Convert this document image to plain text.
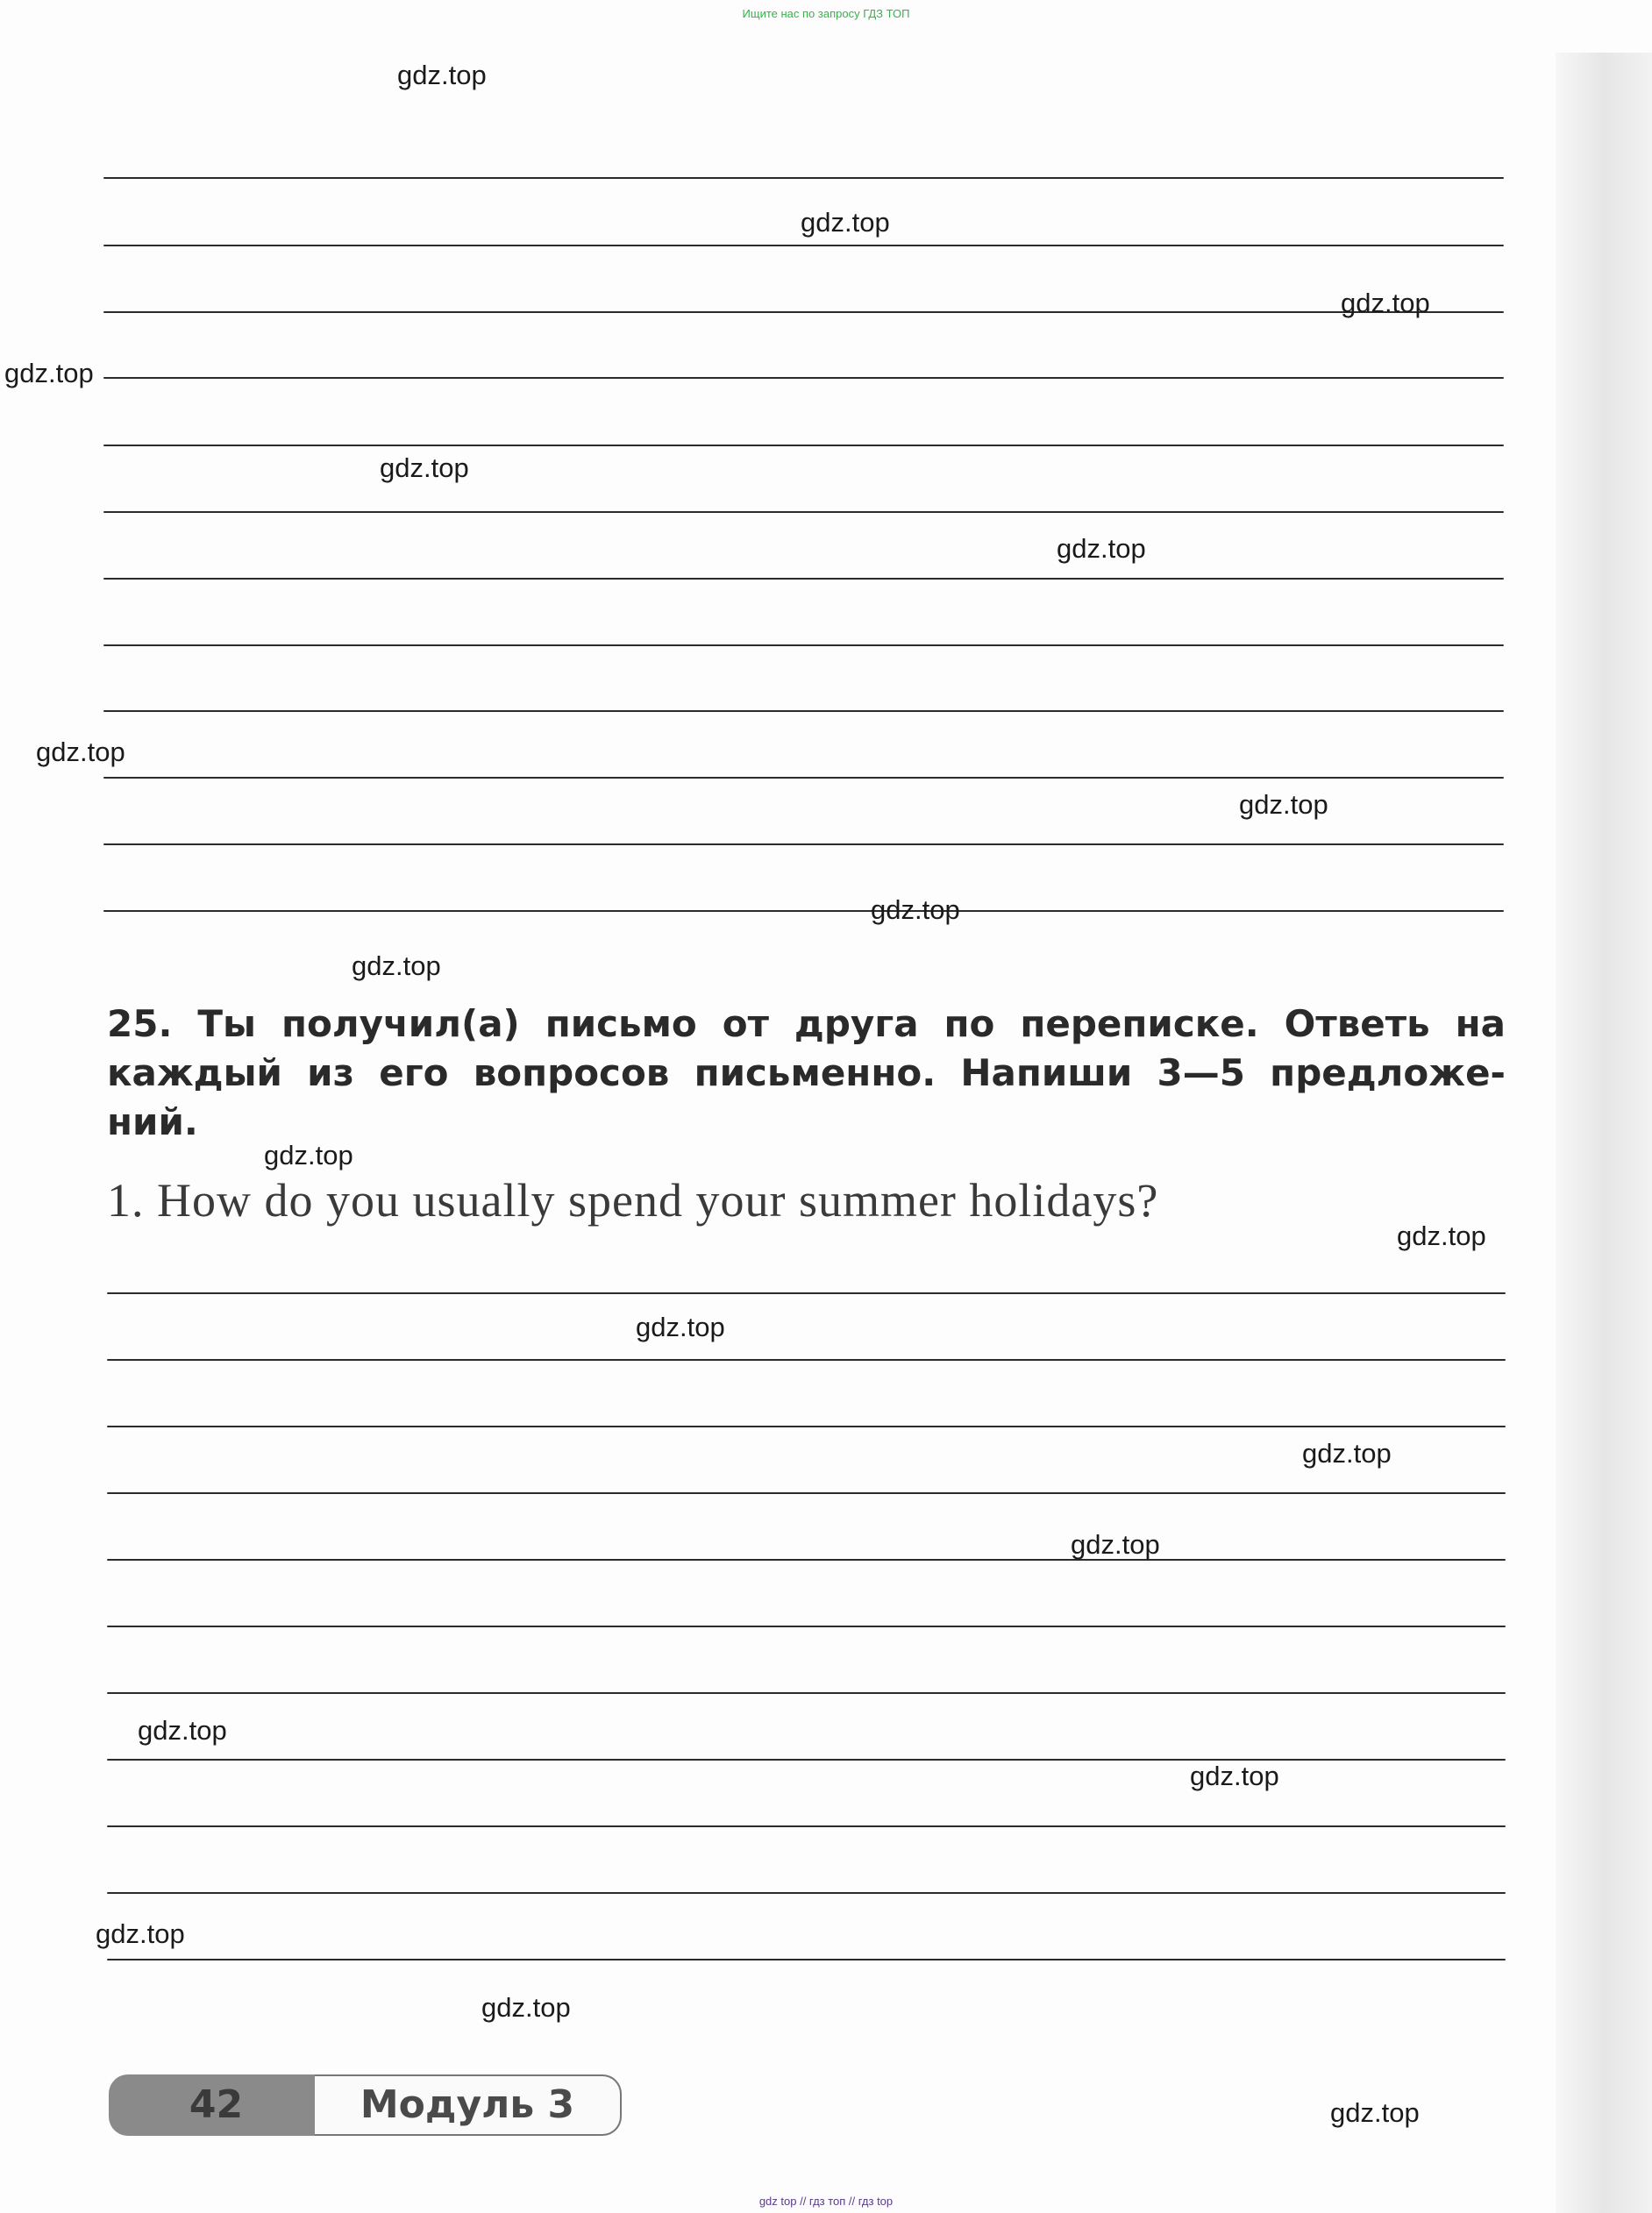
Ищите нас по запросу ГДЗ ТОП
25. Ты получил(а) письмо от друга по переписке. Ответь на каждый из его вопросов письменно. Напиши 3—5 предложе-ний.
1. How do you usually spend your summer holidays?
42	Модуль 3
gdz.top
gdz.top
gdz.top
gdz.top
gdz.top
gdz.top
gdz.top
gdz.top
gdz.top
gdz.top
gdz.top
gdz.top
gdz.top
gdz.top
gdz.top
gdz.top
gdz.top
gdz.top
gdz.top
gdz.top
gdz top // гдз топ // гдз top
